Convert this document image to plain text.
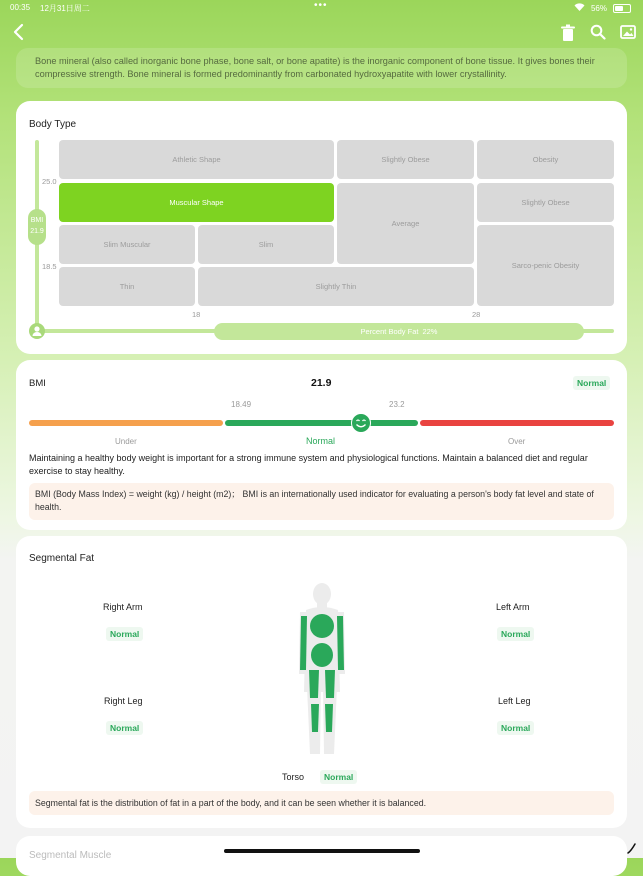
00:35 12月31日周二	•••	56%

Bone mineral (also called inorganic bone phase, bone salt, or bone apatite) is the inorganic component of bone tissue. It gives bones their compressive strength. Bone mineral is formed predominantly from carbonated hydroxyapatite with lower crystallinity.

Body Type
Athletic Shape	Slightly Obese	Obesity
Muscular Shape
Average
Slightly Obese
Slim Muscular	Slim
Sarco-penic Obesity
Thin	Slightly Thin
25.0
18.5
18	28
BMI
21.9
Percent Body Fat 22%
BMI	21.9	Normal
18.49	23.2
Under	Normal	Over
Maintaining a healthy body weight is important for a strong immune system and physiological functions. Maintain a balanced diet and regular exercise to stay healthy.
BMI (Body Mass Index) = weight (kg) / height (m2)； BMI is an internationally used indicator for evaluating a person's body fat level and state of health.
Segmental Fat
Right Arm
Normal
Left Arm
Normal
Right Leg
Normal
Left Leg
Normal
Torso	Normal
Segmental fat is the distribution of fat in a part of the body, and it can be seen whether it is balanced.
Segmental Muscle
